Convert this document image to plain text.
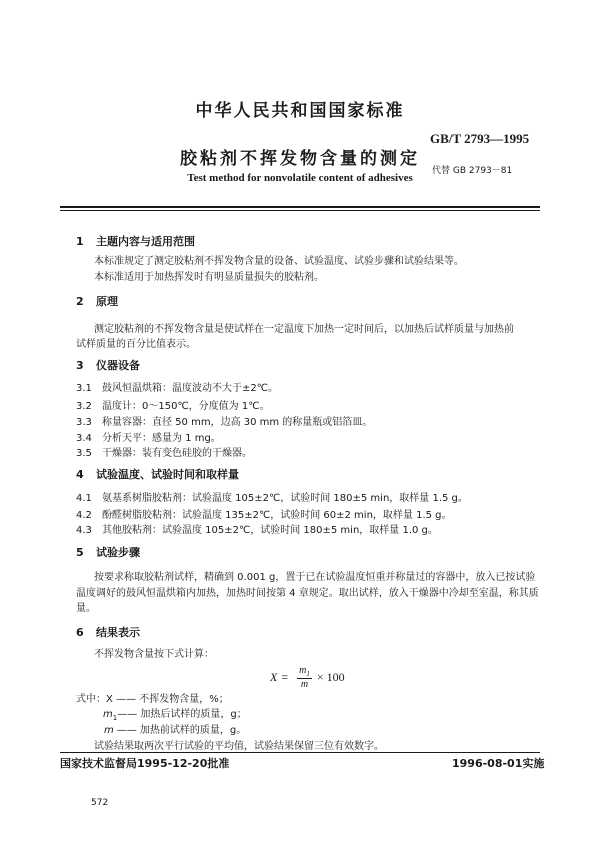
中华人民共和国国家标准
GB/T 2793—1995
胶粘剂不挥发物含量的测定
代替 GB 2793－81
Test method for nonvolatile content of adhesives
1 主题内容与适用范围
本标准规定了测定胶粘剂不挥发物含量的设备、试验温度、试验步骤和试验结果等。
本标准适用于加热挥发时有明显质量损失的胶粘剂。
2 原理
测定胶粘剂的不挥发物含量是使试样在一定温度下加热一定时间后，以加热后试样质量与加热前
试样质量的百分比值表示。
3 仪器设备
3.1 鼓风恒温烘箱：温度波动不大于±2℃。
3.2 温度计：0～150℃，分度值为 1℃。
3.3 称量容器：直径 50 mm，边高 30 mm 的称量瓶或铝箔皿。
3.4 分析天平：感量为 1 mg。
3.5 干燥器：装有变色硅胶的干燥器。
4 试验温度、试验时间和取样量
4.1 氨基系树脂胶粘剂：试验温度 105±2℃，试验时间 180±5 min，取样量 1.5 g。
4.2 酚醛树脂胶粘剂：试验温度 135±2℃，试验时间 60±2 min，取样量 1.5 g。
4.3 其他胶粘剂：试验温度 105±2℃，试验时间 180±5 min，取样量 1.0 g。
5 试验步骤
按要求称取胶粘剂试样，精确到 0.001 g，置于已在试验温度恒重并称量过的容器中，放入已按试验
温度调好的鼓风恒温烘箱内加热，加热时间按第 4 章规定。取出试样，放入干燥器中冷却至室温，称其质
量。
6 结果表示
不挥发物含量按下式计算：
$X = \frac{m_1}{m} \times 100$
式中：X —— 不挥发物含量，%；
$m_1——$ 加热后试样的质量，g；
m —— 加热前试样的质量，g。
试验结果取两次平行试验的平均值，试验结果保留三位有效数字。
国家技术监督局1995-12-20批准	1996-08-01实施
572
